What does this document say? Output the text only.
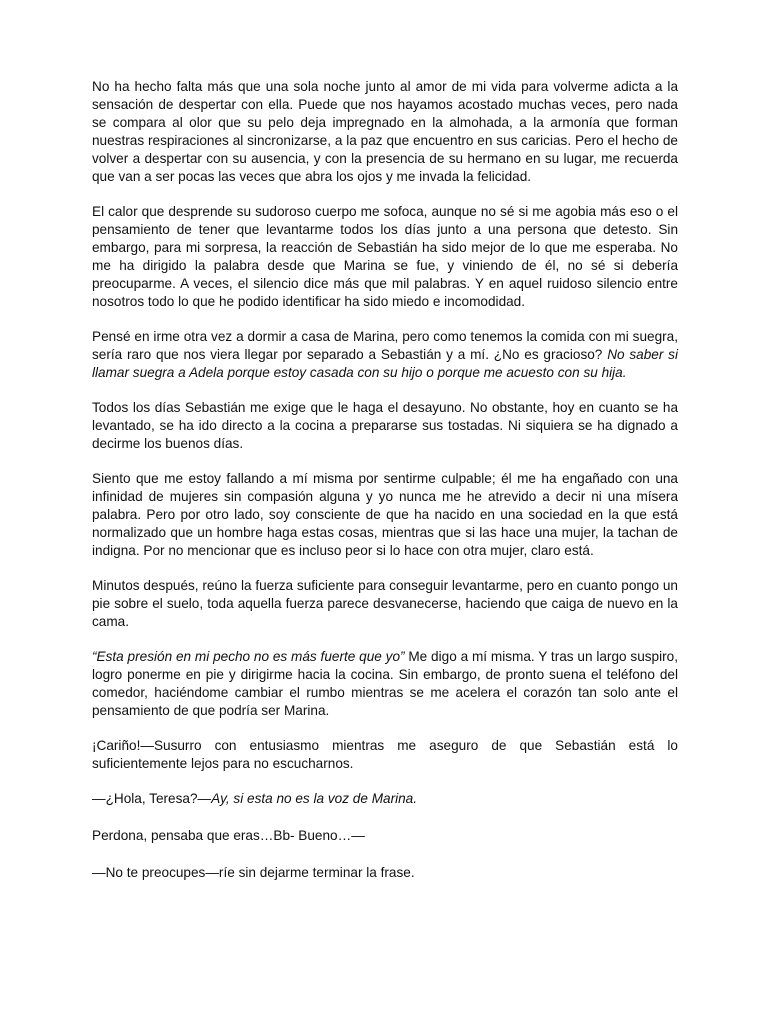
No ha hecho falta más que una sola noche junto al amor de mi vida para volverme adicta a la sensación de despertar con ella. Puede que nos hayamos acostado muchas veces, pero nada se compara al olor que su pelo deja impregnado en la almohada, a la armonía que forman nuestras respiraciones al sincronizarse, a la paz que encuentro en sus caricias. Pero el hecho de volver a despertar con su ausencia, y con la presencia de su hermano en su lugar, me recuerda que van a ser pocas las veces que abra los ojos y me invada la felicidad.

El calor que desprende su sudoroso cuerpo me sofoca, aunque no sé si me agobia más eso o el pensamiento de tener que levantarme todos los días junto a una persona que detesto. Sin embargo, para mi sorpresa, la reacción de Sebastián ha sido mejor de lo que me esperaba. No me ha dirigido la palabra desde que Marina se fue, y viniendo de él, no sé si debería preocuparme. A veces, el silencio dice más que mil palabras. Y en aquel ruidoso silencio entre nosotros todo lo que he podido identificar ha sido miedo e incomodidad.

Pensé en irme otra vez a dormir a casa de Marina, pero como tenemos la comida con mi suegra, sería raro que nos viera llegar por separado a Sebastián y a mí. ¿No es gracioso? No saber si llamar suegra a Adela porque estoy casada con su hijo o porque me acuesto con su hija.

Todos los días Sebastián me exige que le haga el desayuno. No obstante, hoy en cuanto se ha levantado, se ha ido directo a la cocina a prepararse sus tostadas. Ni siquiera se ha dignado a decirme los buenos días.

Siento que me estoy fallando a mí misma por sentirme culpable; él me ha engañado con una infinidad de mujeres sin compasión alguna y yo nunca me he atrevido a decir ni una mísera palabra. Pero por otro lado, soy consciente de que ha nacido en una sociedad en la que está normalizado que un hombre haga estas cosas, mientras que si las hace una mujer, la tachan de indigna. Por no mencionar que es incluso peor si lo hace con otra mujer, claro está.

Minutos después, reúno la fuerza suficiente para conseguir levantarme, pero en cuanto pongo un pie sobre el suelo, toda aquella fuerza parece desvanecerse, haciendo que caiga de nuevo en la cama.

“Esta presión en mi pecho no es más fuerte que yo” Me digo a mí misma. Y tras un largo suspiro, logro ponerme en pie y dirigirme hacia la cocina. Sin embargo, de pronto suena el teléfono del comedor, haciéndome cambiar el rumbo mientras se me acelera el corazón tan solo ante el pensamiento de que podría ser Marina.

¡Cariño!—Susurro con entusiasmo mientras me aseguro de que Sebastián está lo suficientemente lejos para no escucharnos.

—¿Hola, Teresa?—Ay, si esta no es la voz de Marina.

Perdona, pensaba que eras…Bb- Bueno…—

—No te preocupes—ríe sin dejarme terminar la frase.
